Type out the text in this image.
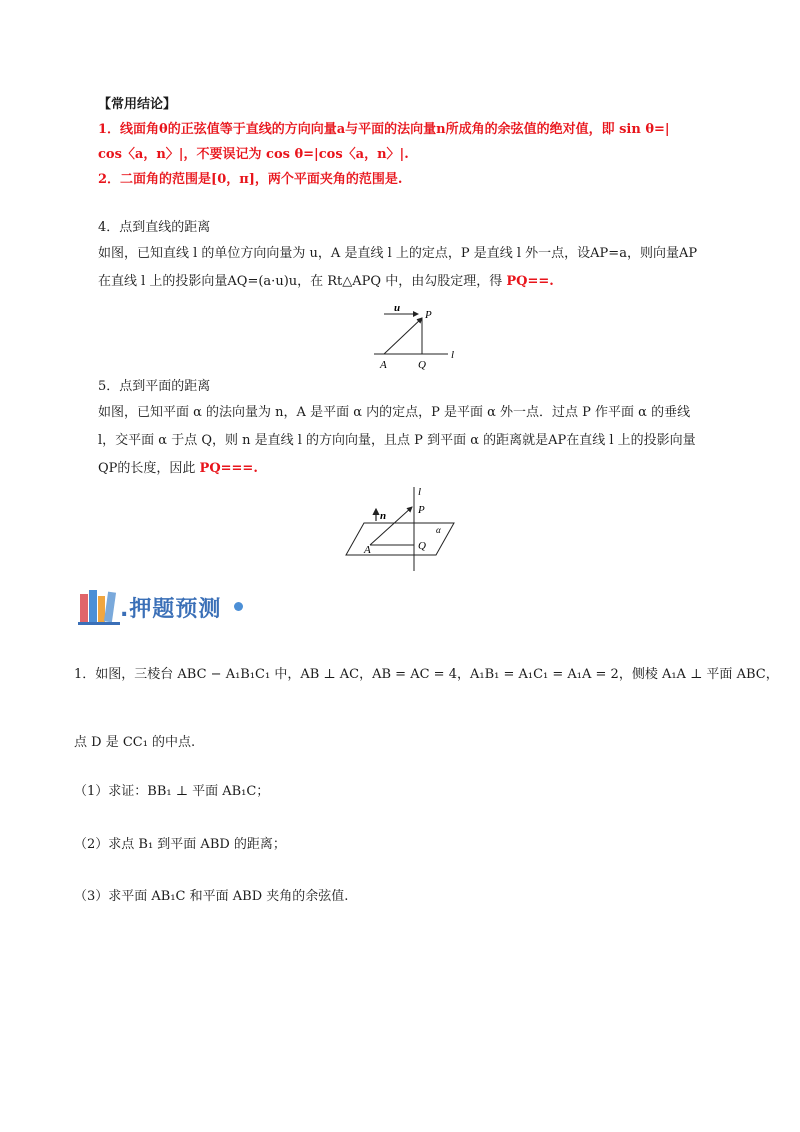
【常用结论】
1．线面角θ的正弦值等于直线的方向向量a与平面的法向量n所成角的余弦值的绝对值，即 sin θ=|
cos〈a，n〉|，不要误记为 cos θ=|cos〈a，n〉|.
2．二面角的范围是[0，π]，两个平面夹角的范围是.
4．点到直线的距离
如图，已知直线 l 的单位方向向量为 u，A 是直线 l 上的定点，P 是直线 l 外一点，设AP=a，则向量AP
在直线 l 上的投影向量AQ=(a·u)u，在 Rt△APQ 中，由勾股定理，得 PQ==.
u
P
A	Q
l
5．点到平面的距离
如图，已知平面 α 的法向量为 n，A 是平面 α 内的定点，P 是平面 α 外一点．过点 P 作平面 α 的垂线
l，交平面 α 于点 Q，则 n 是直线 l 的方向向量，且点 P 到平面 α 的距离就是AP在直线 l 上的投影向量
QP的长度，因此 PQ===.
l
n	P
α
A	Q
.押题预测
1．如图，三棱台 ABC − A₁B₁C₁ 中，AB ⊥ AC，AB = AC = 4，A₁B₁ = A₁C₁ = A₁A = 2，侧棱 A₁A ⊥ 平面 ABC，
点 D 是 CC₁ 的中点.
（1）求证：BB₁ ⊥ 平面 AB₁C；
（2）求点 B₁ 到平面 ABD 的距离；
（3）求平面 AB₁C 和平面 ABD 夹角的余弦值.
